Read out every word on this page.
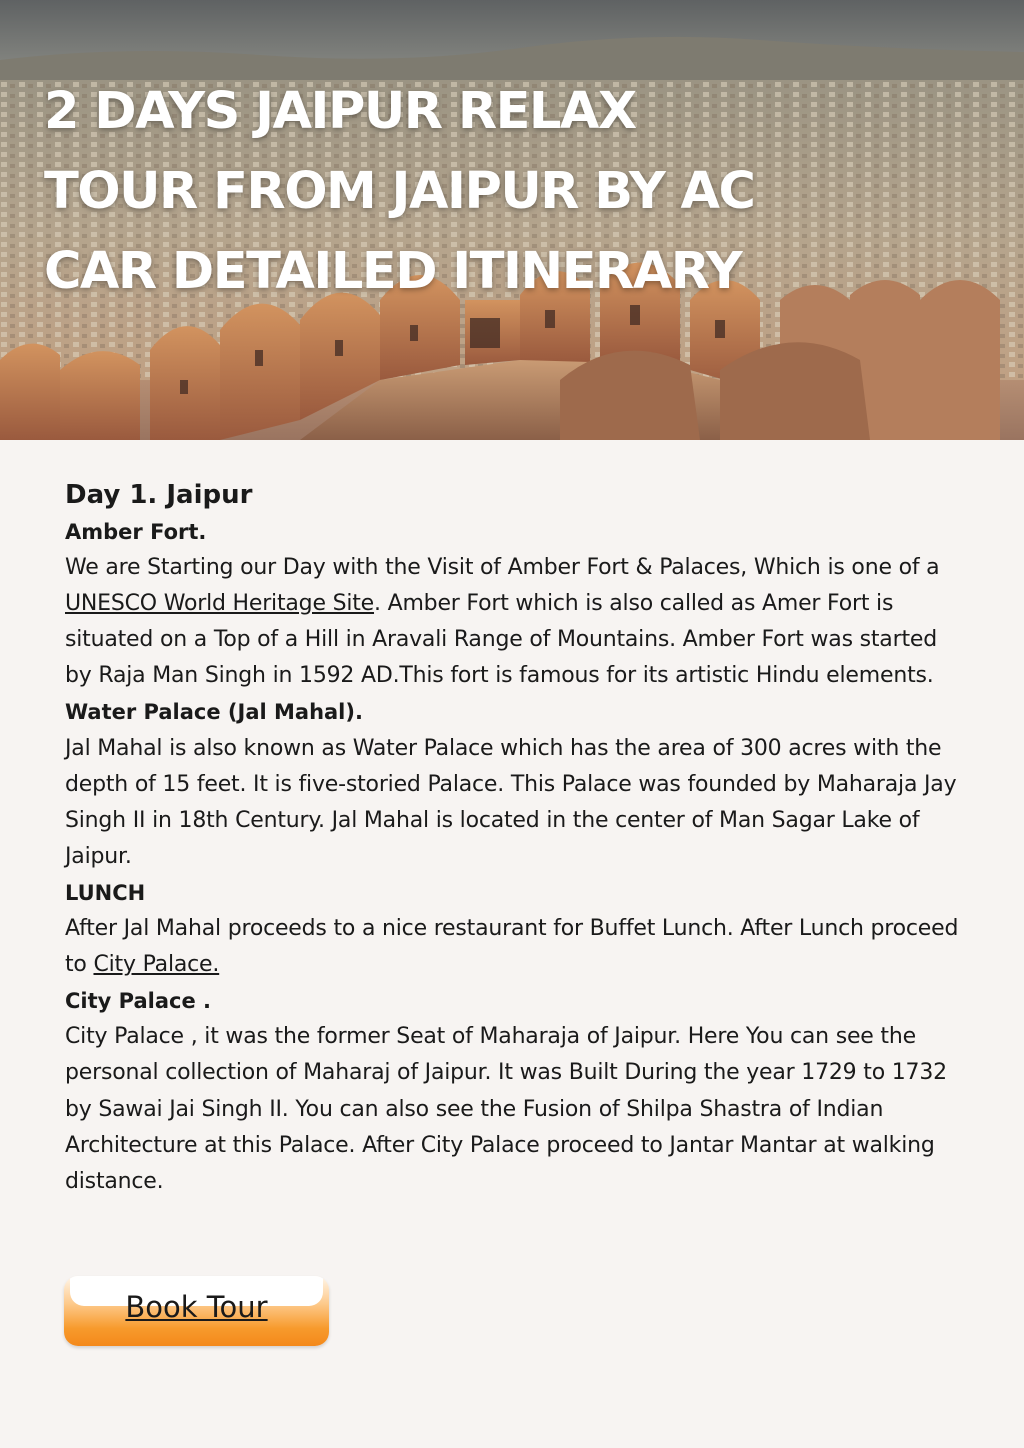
2 DAYS JAIPUR RELAX
TOUR FROM JAIPUR BY AC
CAR DETAILED ITINERARY
Day 1. Jaipur
Amber Fort.

We are Starting our Day with the Visit of Amber Fort & Palaces, Which is one of a UNESCO World Heritage Site. Amber Fort which is also called as Amer Fort is situated on a Top of a Hill in Aravali Range of Mountains. Amber Fort was started by Raja Man Singh in 1592 AD.This fort is famous for its artistic Hindu elements.

Water Palace (Jal Mahal).

Jal Mahal is also known as Water Palace which has the area of 300 acres with the depth of 15 feet. It is five-storied Palace. This Palace was founded by Maharaja Jay Singh II in 18th Century. Jal Mahal is located in the center of Man Sagar Lake of Jaipur.

LUNCH

After Jal Mahal proceeds to a nice restaurant for Buffet Lunch. After Lunch proceed to City Palace.

City Palace .

City Palace , it was the former Seat of Maharaja of Jaipur. Here You can see the personal collection of Maharaj of Jaipur. It was Built During the year 1729 to 1732 by Sawai Jai Singh II. You can also see the Fusion of Shilpa Shastra of Indian Architecture at this Palace. After City Palace proceed to Jantar Mantar at walking distance.

Book Tour
